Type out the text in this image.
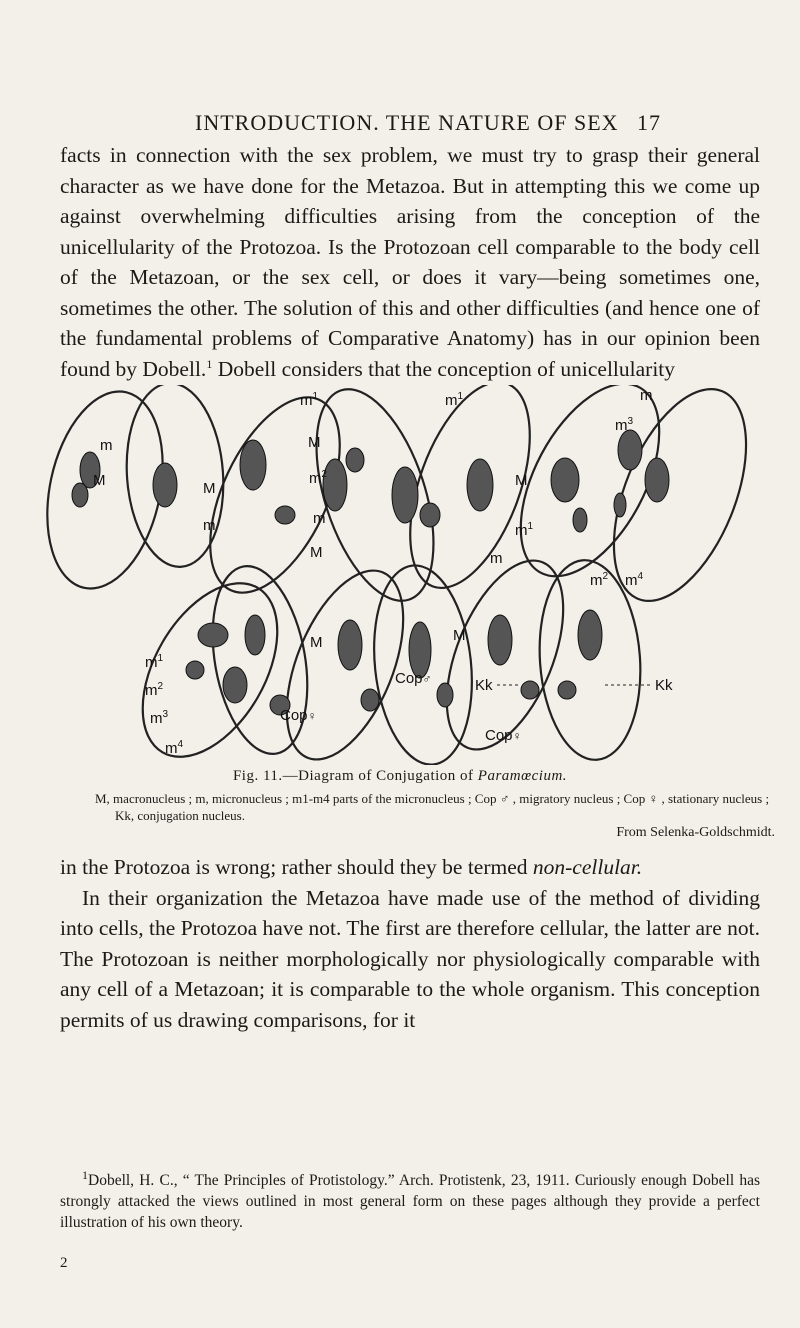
INTRODUCTION. THE NATURE OF SEX 17

facts in connection with the sex problem, we must try to grasp their general character as we have done for the Metazoa. But in attempting this we come up against overwhelming difficulties arising from the conception of the unicellularity of the Protozoa. Is the Protozoan cell comparable to the body cell of the Metazoan, or the sex cell, or does it vary—being sometimes one, sometimes the other. The solution of this and other difficulties (and hence one of the fundamental problems of Comparative Anatomy) has in our opinion been found by Dobell.$^1$ Dobell considers that the conception of unicellularity

m
M	M
m
$m^1$
M
$m^2$
m
M
$m^1$
M
$m^1$
m
m
$m^3$
$m^2$ $m^4$
$m^1$
$m^2$
$m^3$
$m^4$
M
Cop♀
Cop♂
M
Kk
Cop♀
Kk
Fig. 11.—Diagram of Conjugation of Paramœcium.
M, macronucleus ; m, micronucleus ; m1-m4 parts of the micronucleus ; Cop ♂ , migratory nucleus ; Cop ♀ , stationary nucleus ; Kk, conjugation nucleus.
From Selenka-Goldschmidt.

in the Protozoa is wrong; rather should they be termed non-cellular.

In their organization the Metazoa have made use of the method of dividing into cells, the Protozoa have not. The first are therefore cellular, the latter are not. The Protozoan is neither morphologically nor physiologically comparable with any cell of a Metazoan; it is comparable to the whole organism. This conception permits of us drawing comparisons, for it

$^1$Dobell, H. C., “ The Principles of Protistology.” Arch. Protistenk, 23, 1911. Curiously enough Dobell has strongly attacked the views outlined in most general form on these pages although they provide a perfect illustration of his own theory.
2
